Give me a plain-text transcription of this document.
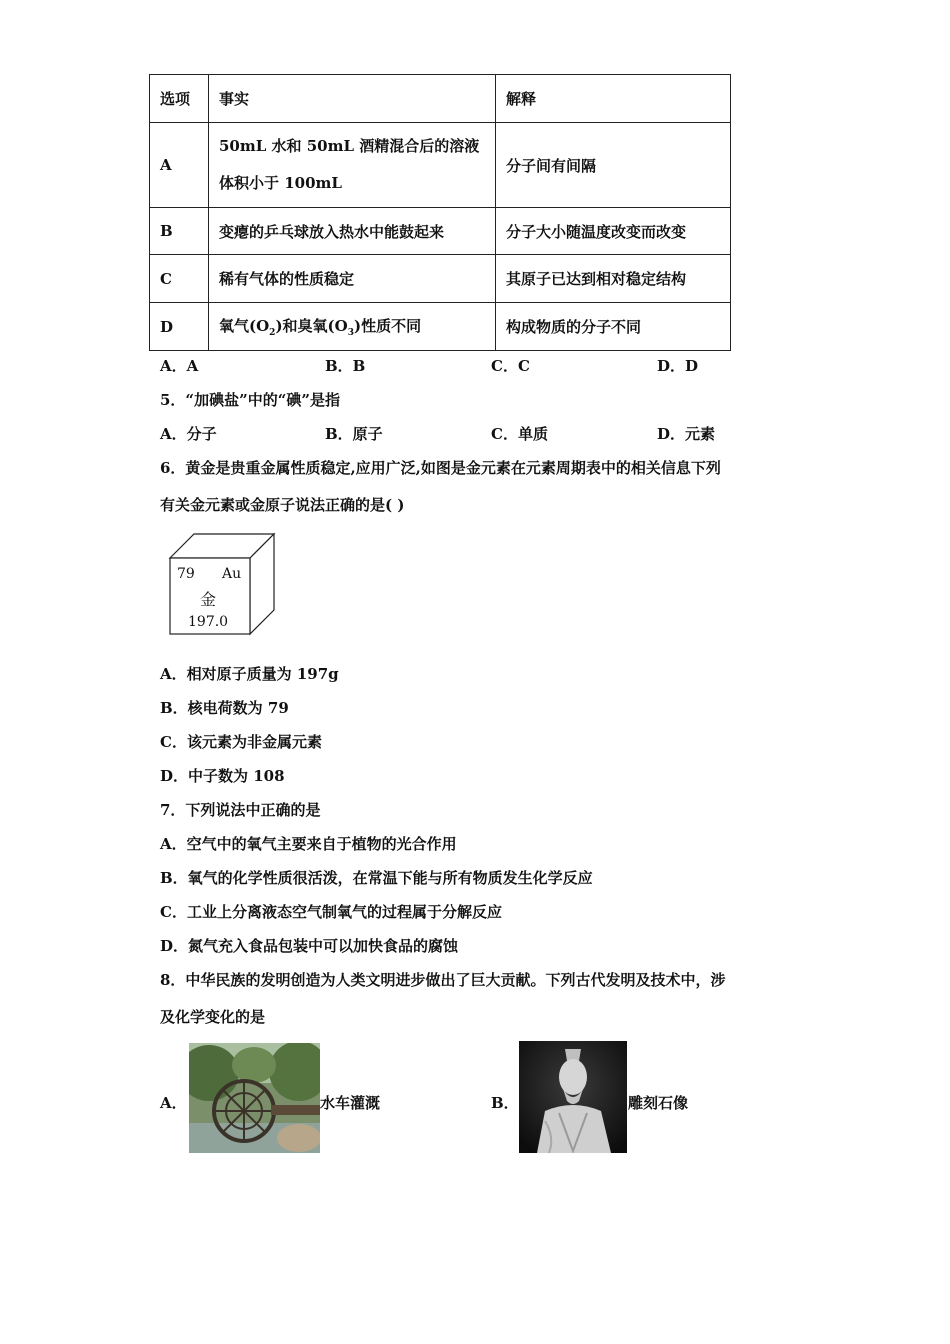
选项	事实	解释
A	50mL 水和 50mL 酒精混合后的溶液
体积小于 100mL	分子间有间隔
B	变瘪的乒乓球放入热水中能鼓起来	分子大小随温度改变而改变
C	稀有气体的性质稳定	其原子已达到相对稳定结构
D	氧气$(O_2)$和臭氧$(O_3)$性质不同	构成物质的分子不同
A．A	B．B	C．C	D．D
5．“加碘盐”中的“碘”是指
A．分子	B．原子	C．单质	D．元素
6．黄金是贵重金属性质稳定,应用广泛,如图是金元素在元素周期表中的相关信息下列
有关金元素或金原子说法正确的是( )
79 Au
金
197.0
A．相对原子质量为 197g
B．核电荷数为 79
C．该元素为非金属元素
D．中子数为 108
7．下列说法中正确的是
A．空气中的氧气主要来自于植物的光合作用
B．氧气的化学性质很活泼，在常温下能与所有物质发生化学反应
C．工业上分离液态空气制氧气的过程属于分解反应
D．氮气充入食品包装中可以加快食品的腐蚀
8．中华民族的发明创造为人类文明进步做出了巨大贡献。下列古代发明及技术中，涉
及化学变化的是
A．	水车灌溉	B．	雕刻石像
